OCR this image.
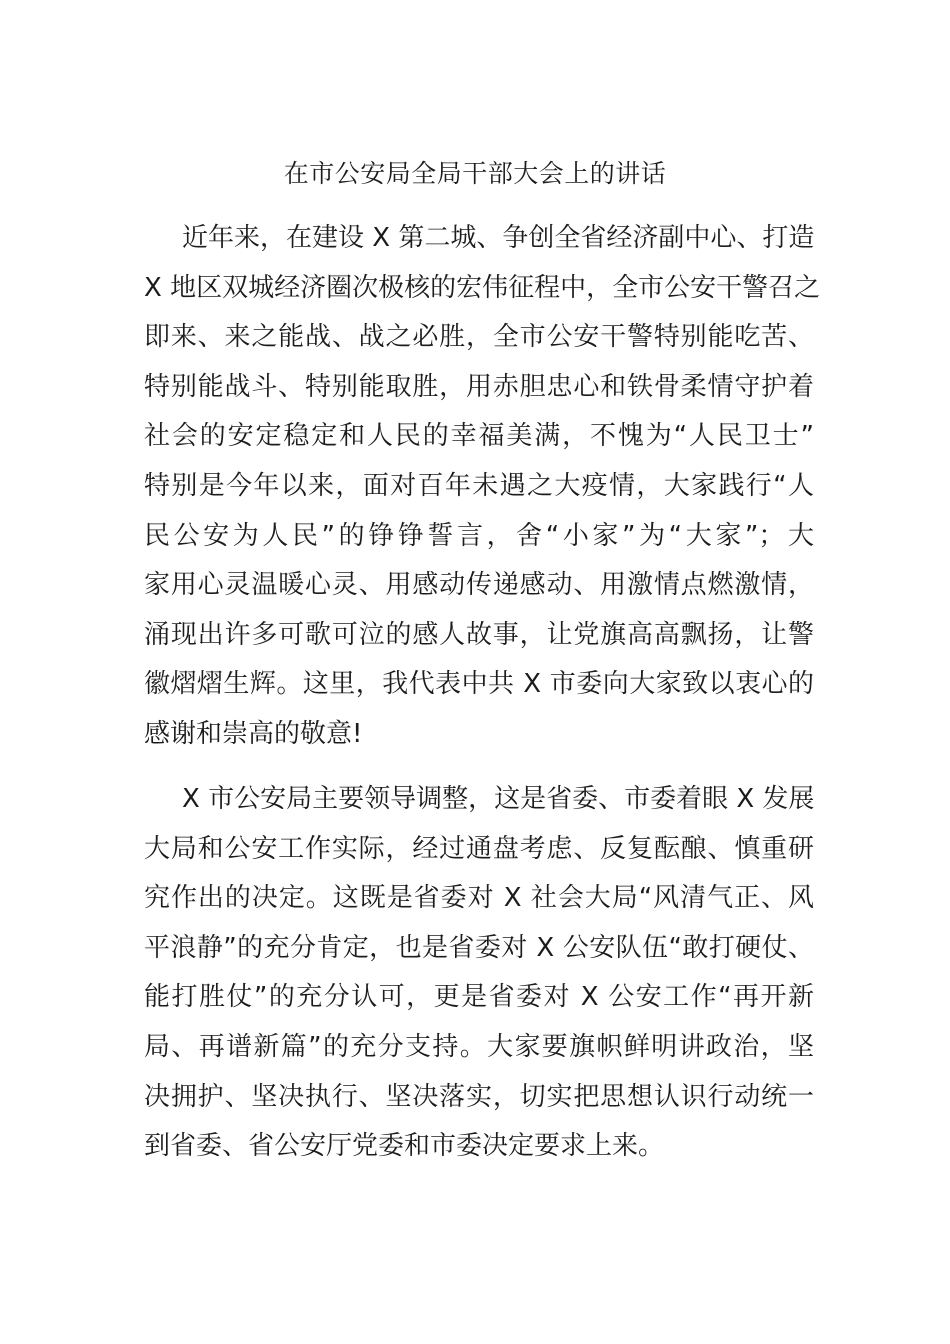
在市公安局全局干部大会上的讲话
近年来，在建设 X 第二城、争创全省经济副中心、打造
X 地区双城经济圈次极核的宏伟征程中，全市公安干警召之
即来、来之能战、战之必胜，全市公安干警特别能吃苦、
特别能战斗、特别能取胜，用赤胆忠心和铁骨柔情守护着
社会的安定稳定和人民的幸福美满，不愧为“人民卫士”
特别是今年以来，面对百年未遇之大疫情，大家践行“人
民公安为人民”的铮铮誓言，舍“小家”为“大家”；大
家用心灵温暖心灵、用感动传递感动、用激情点燃激情，
涌现出许多可歌可泣的感人故事，让党旗高高飘扬，让警
徽熠熠生辉。这里，我代表中共 X 市委向大家致以衷心的
感谢和崇高的敬意!
X 市公安局主要领导调整，这是省委、市委着眼 X 发展
大局和公安工作实际，经过通盘考虑、反复酝酿、慎重研
究作出的决定。这既是省委对 X 社会大局“风清气正、风
平浪静”的充分肯定，也是省委对 X 公安队伍“敢打硬仗、
能打胜仗”的充分认可，更是省委对 X 公安工作“再开新
局、再谱新篇”的充分支持。大家要旗帜鲜明讲政治，坚
决拥护、坚决执行、坚决落实，切实把思想认识行动统一
到省委、省公安厅党委和市委决定要求上来。
